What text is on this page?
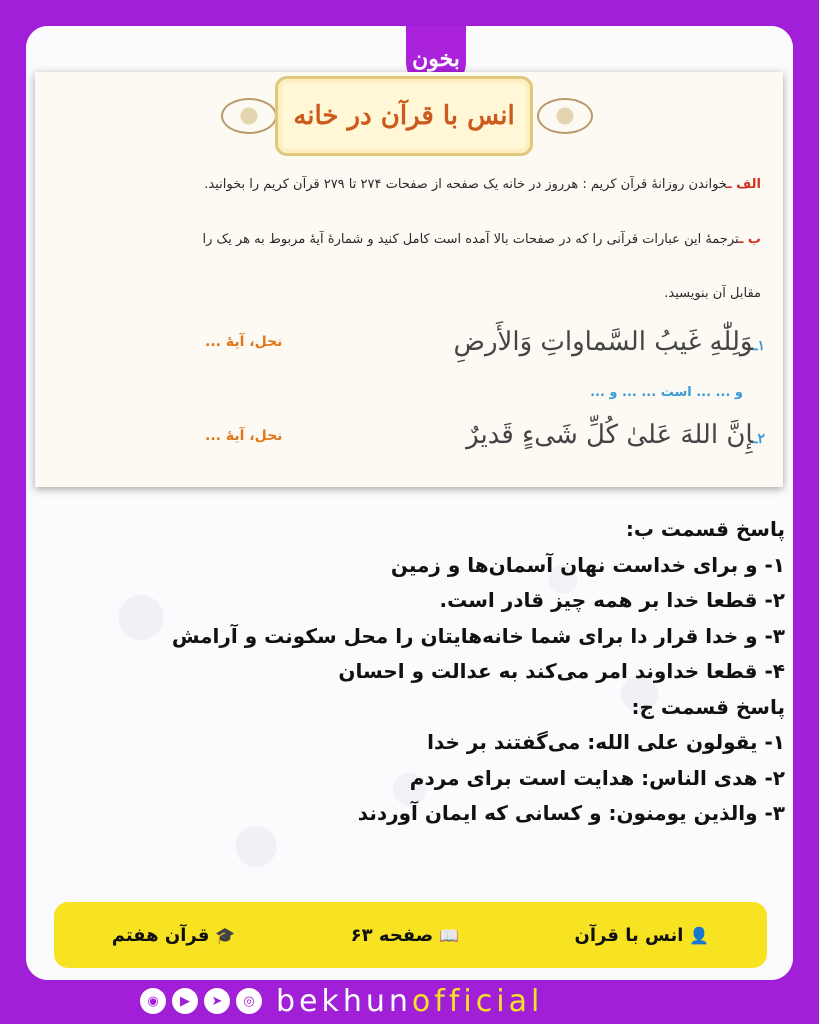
بخون
انس با قرآن در خانه
الف ـخواندن روزانهٔ قرآن کریم : هرروز در خانه یک صفحه از صفحات ۲۷۴ تا ۲۷۹ قرآن کریم را بخوانید.
ب ـترجمهٔ این عبارات قرآنی را که در صفحات بالا آمده است کامل کنید و شمارهٔ آیهٔ مربوط به هر یک را
مقابل آن بنویسید.
۱ـوَلِلّٰهِ غَیبُ السَّماواتِ وَالأَرضِ
نحل، آیهٔ ...
و ... ... است ... ... و ...
۲ـإِنَّ اللهَ عَلیٰ کُلِّ شَیءٍ قَدیرٌ
نحل، آیهٔ ...
پاسخ قسمت ب:
۱- و برای خداست نهان آسمان‌ها و زمین
۲- قطعا خدا بر همه چیز قادر است.
۳- و خدا قرار دا برای شما خانه‌هایتان را محل سکونت و آرامش
۴- قطعا خداوند امر می‌کند به عدالت و احسان
پاسخ قسمت ج:
۱- یقولون علی الله: می‌گفتند بر خدا
۲- هدی الناس: هدایت است برای مردم
۳- والذین یومنون: و کسانی که ایمان آوردند
👤
انس با قرآن
📖
صفحه ۶۳
🎓
قرآن هفتم
◉	▶	➤	◎ bekhunofficial
